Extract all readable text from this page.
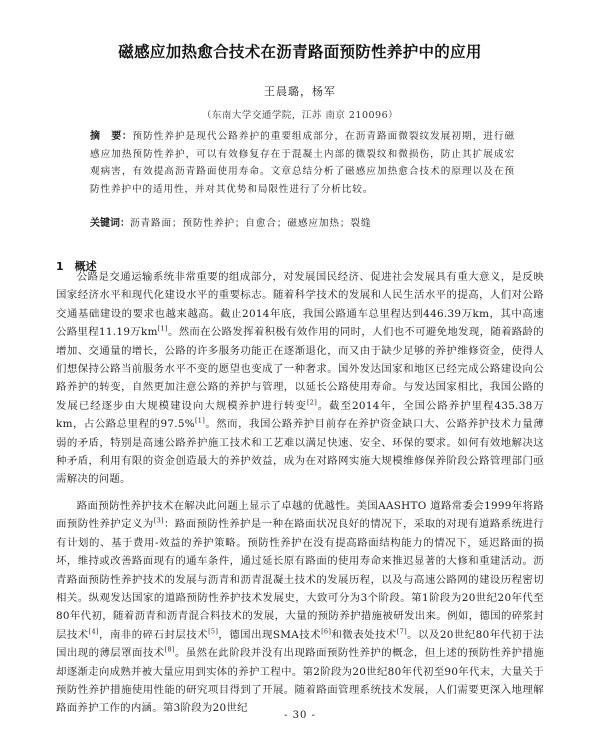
磁感应加热愈合技术在沥青路面预防性养护中的应用
王晨璐，杨军
（东南大学交通学院，江苏 南京 210096）
摘　要：预防性养护是现代公路养护的重要组成部分，在沥青路面微裂纹发展初期，进行磁感应加热预防性养护，可以有效修复存在于混凝土内部的微裂纹和微损伤，防止其扩展成宏观病害，有效提高沥青路面使用寿命。文章总结分析了磁感应加热愈合技术的原理以及在预防性养护中的适用性，并对其优势和局限性进行了分析比较。
关键词：沥青路面；预防性养护；自愈合；磁感应加热；裂缝
1　概述

公路是交通运输系统非常重要的组成部分，对发展国民经济、促进社会发展具有重大意义，是反映国家经济水平和现代化建设水平的重要标志。随着科学技术的发展和人民生活水平的提高，人们对公路交通基础建设的要求也越来越高。截止2014年底，我国公路通车总里程达到446.39万km，其中高速公路里程11.19万km[1]。然而在公路发挥着积极有效作用的同时，人们也不可避免地发现，随着路龄的增加、交通量的增长，公路的许多服务功能正在逐渐退化，而又由于缺少足够的养护维修资金，使得人们想保持公路当前服务水平不变的愿望也变成了一种奢求。国外发达国家和地区已经完成公路建设向公路养护的转变，自然更加注意公路的养护与管理，以延长公路使用寿命。与发达国家相比，我国公路的发展已经逐步由大规模建设向大规模养护进行转变[2]。截至2014年，全国公路养护里程435.38万km，占公路总里程的97.5%[1]。然而，我国公路养护目前存在养护资金缺口大、公路养护技术力量薄弱的矛盾，特别是高速公路养护施工技术和工艺难以满足快速、安全、环保的要求。如何有效地解决这种矛盾，利用有限的资金创造最大的养护效益，成为在对路网实施大规模维修保养阶段公路管理部门亟需解决的问题。

路面预防性养护技术在解决此问题上显示了卓越的优越性。美国AASHTO 道路常委会1999年将路面预防性养护定义为[3]：路面预防性养护是一种在路面状况良好的情况下，采取的对现有道路系统进行有计划的、基于费用-效益的养护策略。预防性养护在没有提高路面结构能力的情况下，延迟路面的损坏，维持或改善路面现有的通车条件，通过延长原有路面的使用寿命来推迟显著的大修和重建活动。沥青路面预防性养护技术的发展与沥青和沥青混凝土技术的发展历程，以及与高速公路网的建设历程密切相关。纵观发达国家的道路预防性养护技术发展史，大致可分为3个阶段。第1阶段为20世纪20年代至80年代初，随着沥青和沥青混合料技术的发展，大量的预防养护措施被研发出来。例如，德国的碎浆封层技术[4]，南非的碎石封层技术[5]，德国出现SMA技术[6]和微表处技术[7]。以及20世纪80年代初于法国出现的薄层罩面技术[8]。虽然在此阶段并没有出现路面预防性养护的概念，但上述的预防性养护措施却逐渐走向成熟并被大量应用到实体的养护工程中。第2阶段为20世纪80年代初至90年代末，大量关于预防性养护措施使用性能的研究项目得到了开展。随着路面管理系统技术发展，人们需要更深入地理解路面养护工作的内涵。第3阶段为20世纪

- 30 -
